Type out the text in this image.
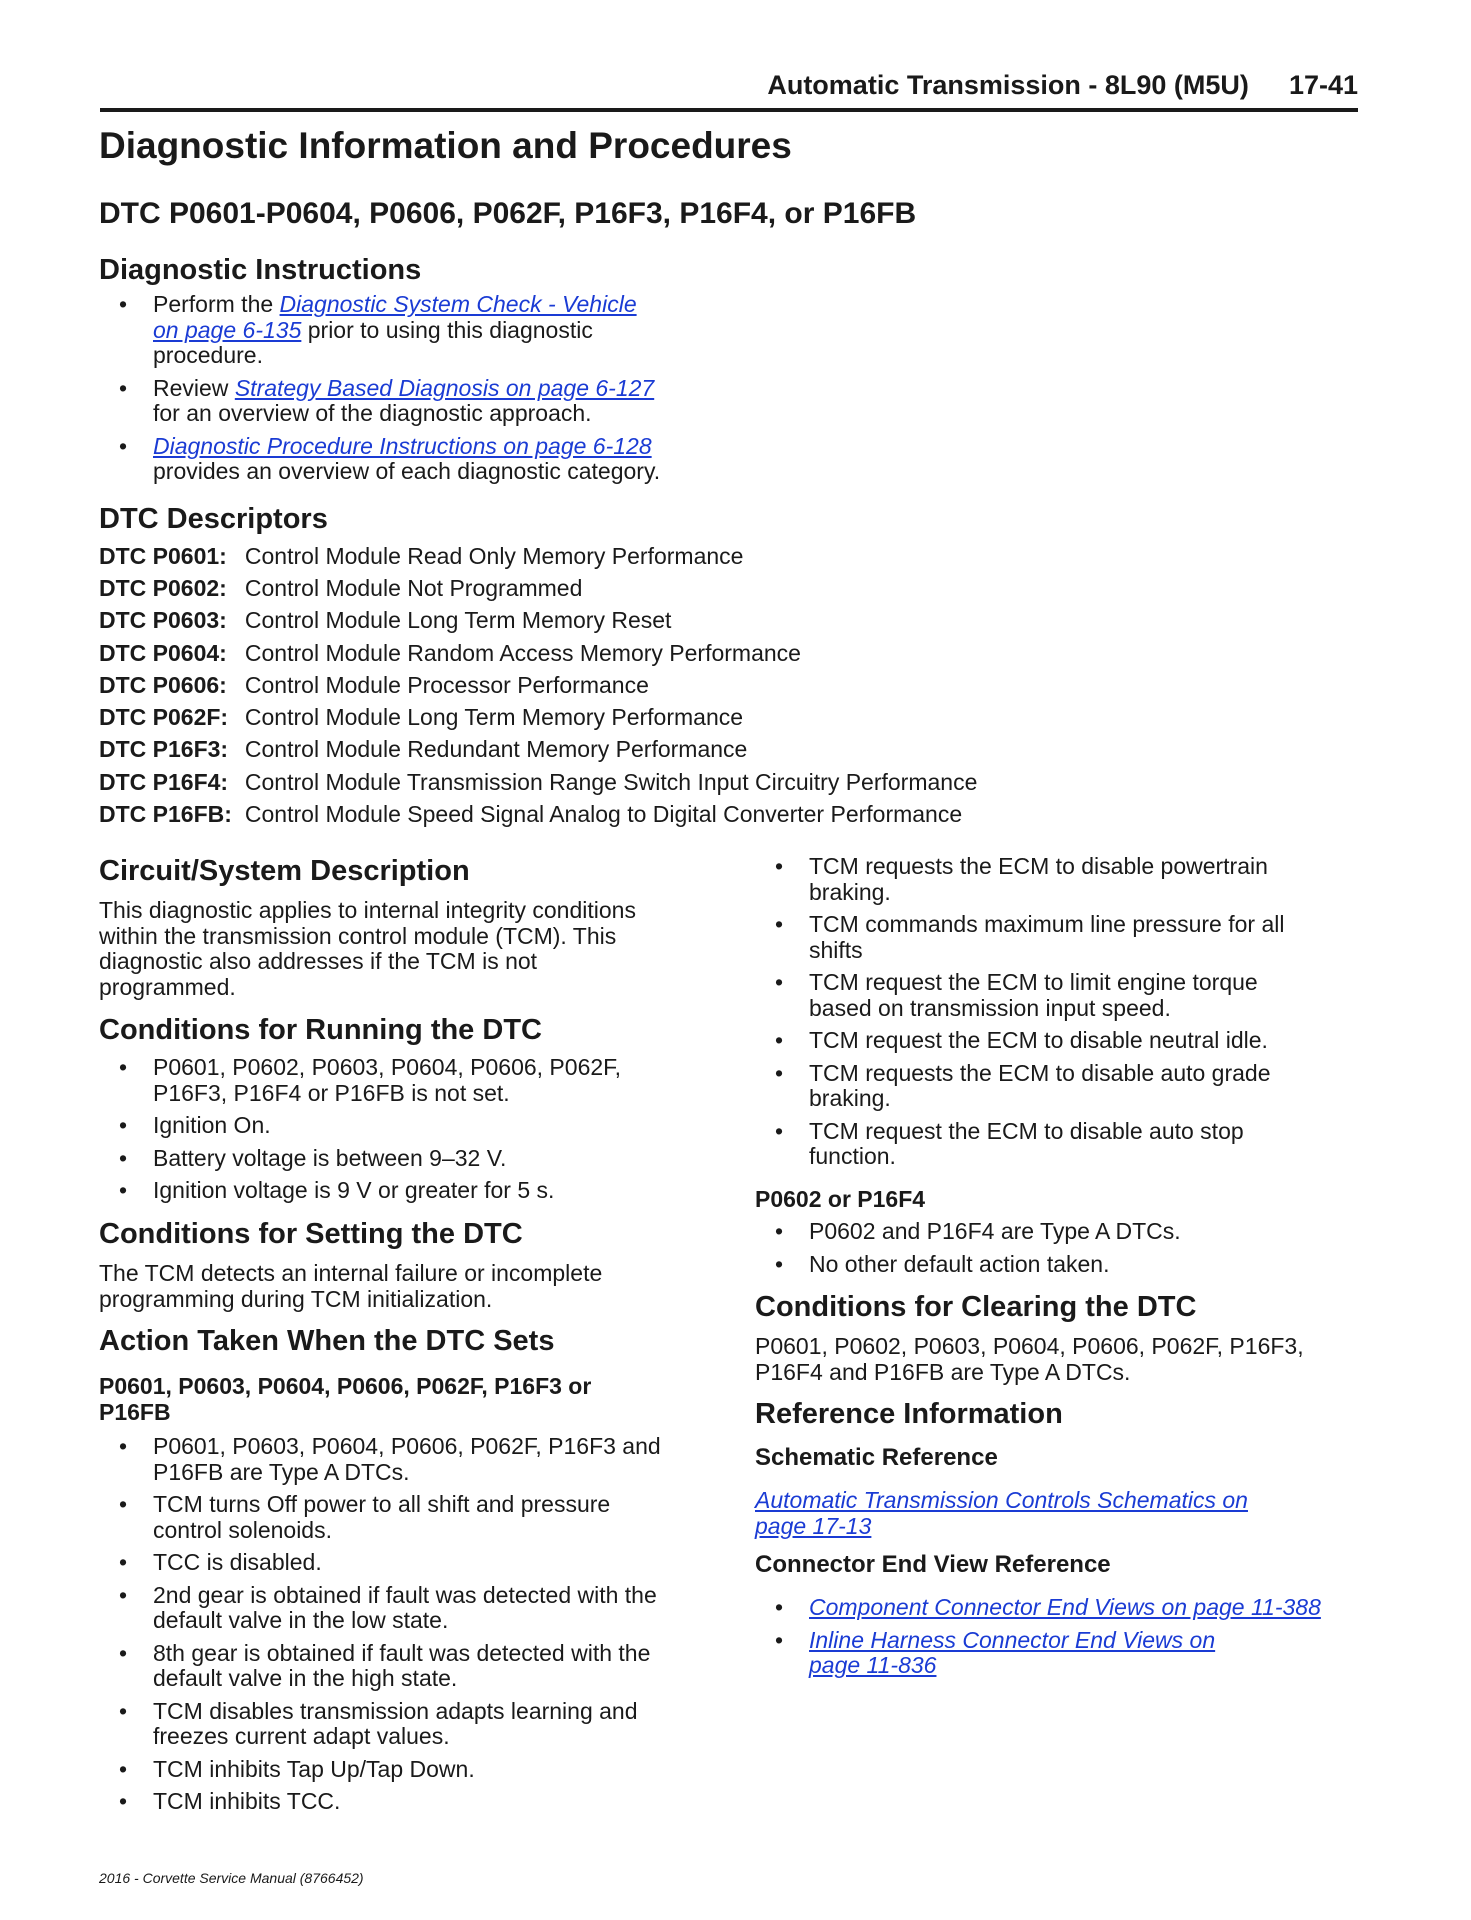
Automatic Transmission - 8L90 (M5U) 17-41
Diagnostic Information and Procedures
DTC P0601-P0604, P0606, P062F, P16F3, P16F4, or P16FB
Diagnostic Instructions
• Perform the Diagnostic System Check - Vehicle
on page 6-135 prior to using this diagnostic
procedure.
• Review Strategy Based Diagnosis on page 6-127
for an overview of the diagnostic approach.
• Diagnostic Procedure Instructions on page 6-128
provides an overview of each diagnostic category.
DTC Descriptors
DTC P0601:	Control Module Read Only Memory Performance
DTC P0602:	Control Module Not Programmed
DTC P0603:	Control Module Long Term Memory Reset
DTC P0604:	Control Module Random Access Memory Performance
DTC P0606:	Control Module Processor Performance
DTC P062F:	Control Module Long Term Memory Performance
DTC P16F3:	Control Module Redundant Memory Performance
DTC P16F4:	Control Module Transmission Range Switch Input Circuitry Performance
DTC P16FB:	Control Module Speed Signal Analog to Digital Converter Performance
Circuit/System Description
This diagnostic applies to internal integrity conditions
within the transmission control module (TCM). This
diagnostic also addresses if the TCM is not
programmed.
Conditions for Running the DTC
• P0601, P0602, P0603, P0604, P0606, P062F,
P16F3, P16F4 or P16FB is not set.
• Ignition On.
• Battery voltage is between 9–32 V.
• Ignition voltage is 9 V or greater for 5 s.
Conditions for Setting the DTC
The TCM detects an internal failure or incomplete
programming during TCM initialization.
Action Taken When the DTC Sets
P0601, P0603, P0604, P0606, P062F, P16F3 or
P16FB
• P0601, P0603, P0604, P0606, P062F, P16F3 and
P16FB are Type A DTCs.
• TCM turns Off power to all shift and pressure
control solenoids.
• TCC is disabled.
• 2nd gear is obtained if fault was detected with the
default valve in the low state.
• 8th gear is obtained if fault was detected with the
default valve in the high state.
• TCM disables transmission adapts learning and
freezes current adapt values.
• TCM inhibits Tap Up/Tap Down.
• TCM inhibits TCC.
• TCM requests the ECM to disable powertrain
braking.
• TCM commands maximum line pressure for all
shifts
• TCM request the ECM to limit engine torque
based on transmission input speed.
• TCM request the ECM to disable neutral idle.
• TCM requests the ECM to disable auto grade
braking.
• TCM request the ECM to disable auto stop
function.
P0602 or P16F4
• P0602 and P16F4 are Type A DTCs.
• No other default action taken.
Conditions for Clearing the DTC
P0601, P0602, P0603, P0604, P0606, P062F, P16F3,
P16F4 and P16FB are Type A DTCs.
Reference Information
Schematic Reference
Automatic Transmission Controls Schematics on
page 17-13
Connector End View Reference
• Component Connector End Views on page 11-388
• Inline Harness Connector End Views on
page 11-836
2016 - Corvette Service Manual (8766452)
